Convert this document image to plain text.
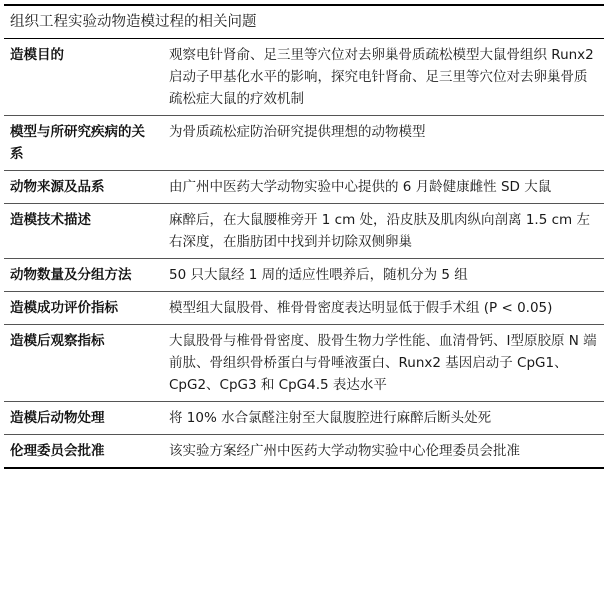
组织工程实验动物造模过程的相关问题
造模目的	观察电针肾俞、足三里等穴位对去卵巢骨质疏松模型大鼠骨组织 Runx2 启动子甲基化水平的影响，探究电针肾俞、足三里等穴位对去卵巢骨质疏松症大鼠的疗效机制
模型与所研究疾病的关系	为骨质疏松症防治研究提供理想的动物模型
动物来源及品系	由广州中医药大学动物实验中心提供的 6 月龄健康雌性 SD 大鼠
造模技术描述	麻醉后，在大鼠腰椎旁开 1 cm 处，沿皮肤及肌肉纵向剖离 1.5 cm 左右深度，在脂肪团中找到并切除双侧卵巢
动物数量及分组方法	50 只大鼠经 1 周的适应性喂养后，随机分为 5 组
造模成功评价指标	模型组大鼠股骨、椎骨骨密度表达明显低于假手术组 (P < 0.05)
造模后观察指标	大鼠股骨与椎骨骨密度、股骨生物力学性能、血清骨钙、Ⅰ型原胶原 N 端前肽、骨组织骨桥蛋白与骨唾液蛋白、Runx2 基因启动子 CpG1、CpG2、CpG3 和 CpG4.5 表达水平
造模后动物处理	将 10% 水合氯醛注射至大鼠腹腔进行麻醉后断头处死
伦理委员会批准	该实验方案经广州中医药大学动物实验中心伦理委员会批准
